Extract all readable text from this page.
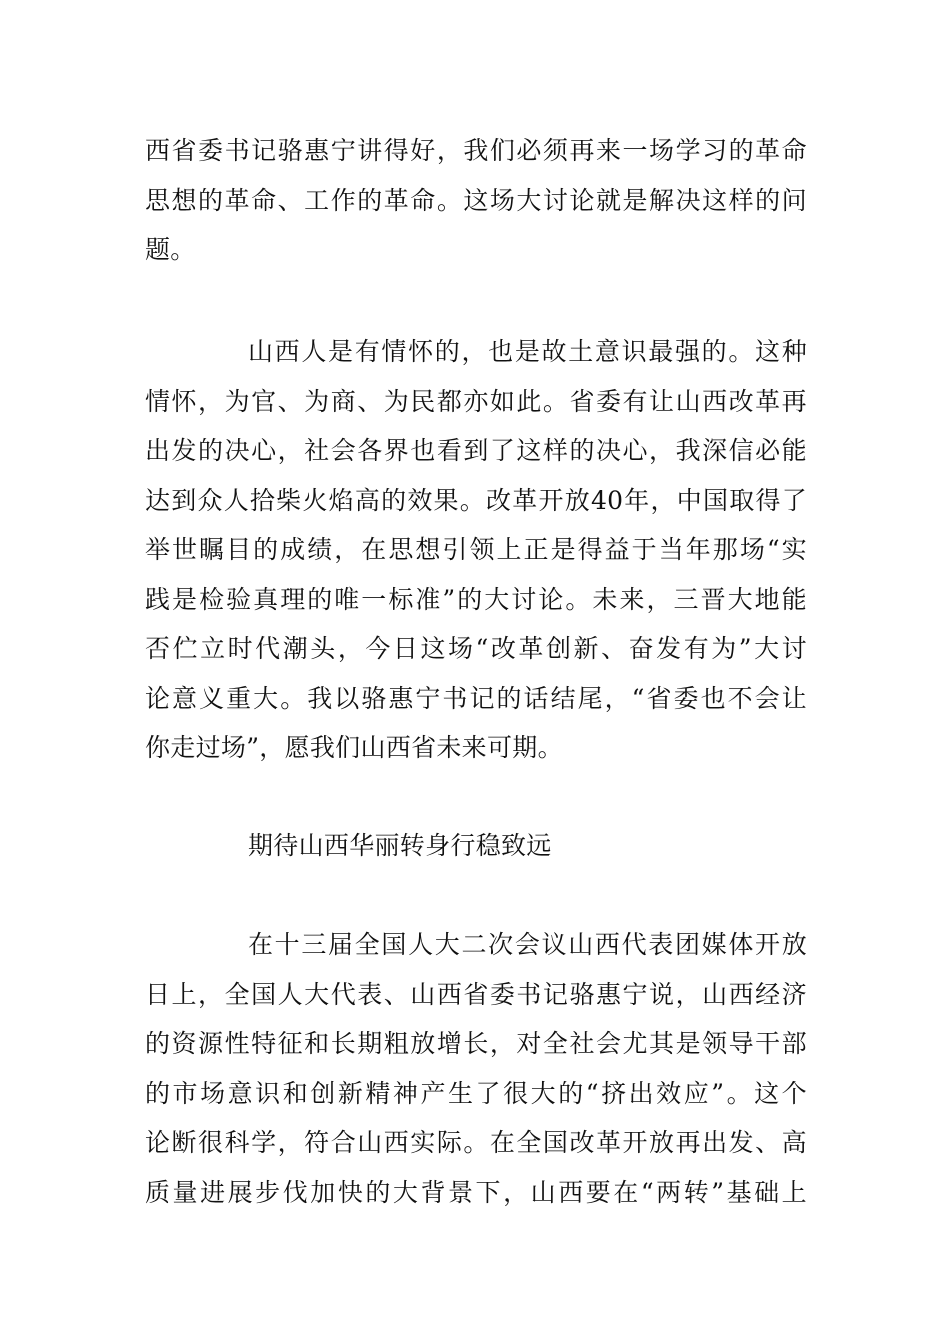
西省委书记骆惠宁讲得好，我们必须再来一场学习的革命
思想的革命、工作的革命。这场大讨论就是解决这样的问
题。
山西人是有情怀的，也是故土意识最强的。这种
情怀，为官、为商、为民都亦如此。省委有让山西改革再
出发的决心，社会各界也看到了这样的决心，我深信必能
达到众人拾柴火焰高的效果。改革开放40年，中国取得了
举世瞩目的成绩，在思想引领上正是得益于当年那场“实
践是检验真理的唯一标准”的大讨论。未来，三晋大地能
否伫立时代潮头，今日这场“改革创新、奋发有为”大讨
论意义重大。我以骆惠宁书记的话结尾，“省委也不会让
你走过场”，愿我们山西省未来可期。
期待山西华丽转身行稳致远
在十三届全国人大二次会议山西代表团媒体开放
日上，全国人大代表、山西省委书记骆惠宁说，山西经济
的资源性特征和长期粗放增长，对全社会尤其是领导干部
的市场意识和创新精神产生了很大的“挤出效应”。这个
论断很科学，符合山西实际。在全国改革开放再出发、高
质量进展步伐加快的大背景下，山西要在“两转”基础上
